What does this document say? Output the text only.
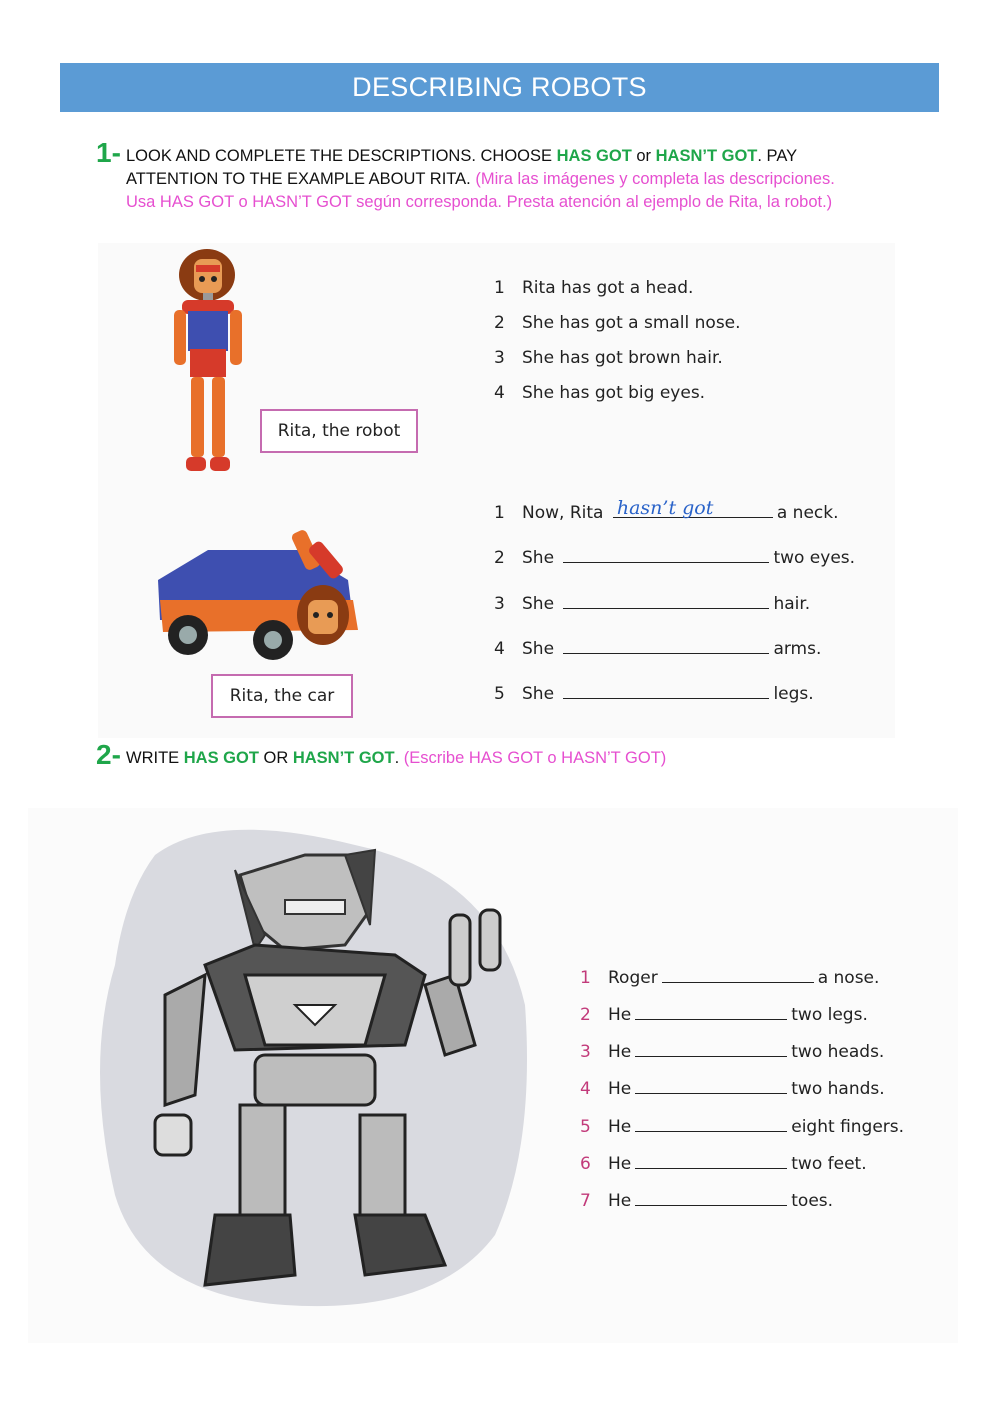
DESCRIBING ROBOTS
1- LOOK AND COMPLETE THE DESCRIPTIONS. CHOOSE HAS GOT or HASN’T GOT. PAY
ATTENTION TO THE EXAMPLE ABOUT RITA. (Mira las imágenes y completa las descripciones.
Usa HAS GOT o HASN’T GOT según corresponda. Presta atención al ejemplo de Rita, la robot.)
Rita, the robot
Rita, the car
1 Rita has got a head.
2 She has got a small nose.
3 She has got brown hair.
4 She has got big eyes.
1 Now, Rita hasn’t got	a neck.
2 She	two eyes.
3 She	hair.
4 She	arms.
5 She	legs.
2- WRITE HAS GOT OR HASN’T GOT. (Escribe HAS GOT o HASN’T GOT)
1 Roger	a nose.
2 He	two legs.
3 He	two heads.
4 He	two hands.
5 He	eight fingers.
6 He	two feet.
7 He	toes.
